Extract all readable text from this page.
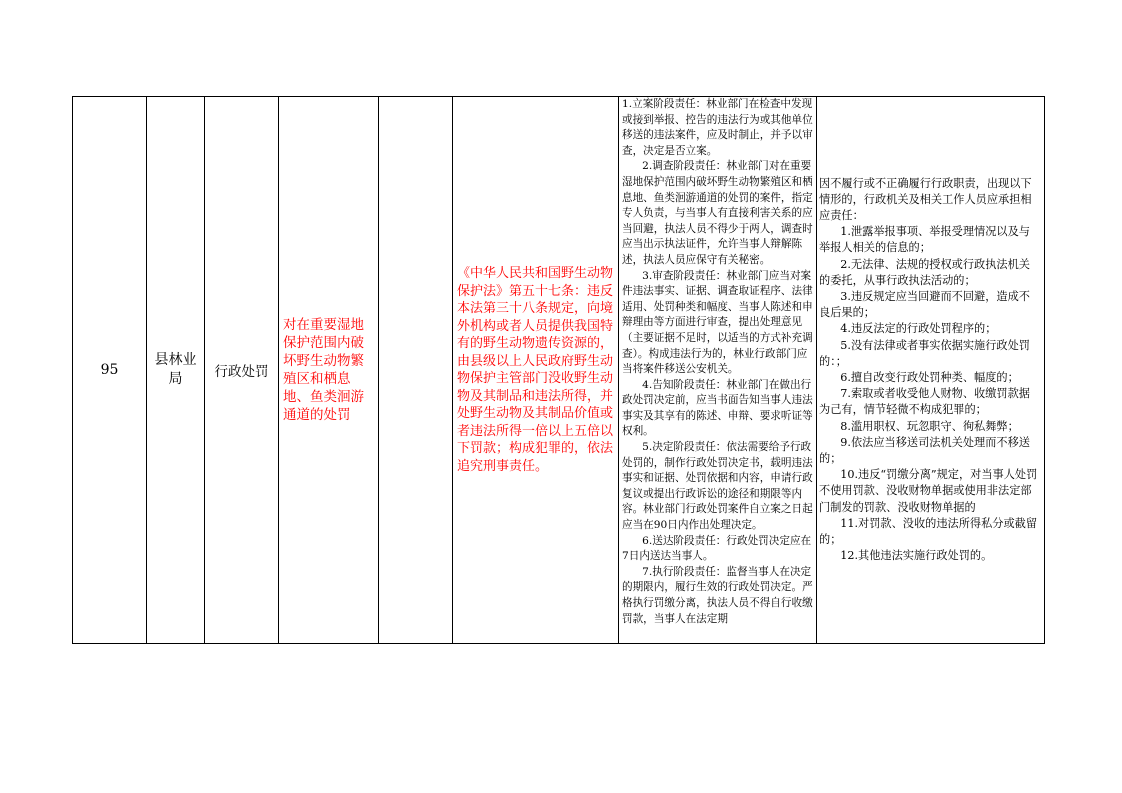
95
县林业局	行政处罚
对在重要湿地保护范围内破坏野生动物繁殖区和栖息地、鱼类洄游通道的处罚
《中华人民共和国野生动物保护法》第五十七条：违反本法第三十八条规定，向境外机构或者人员提供我国特有的野生动物遗传资源的，由县级以上人民政府野生动物保护主管部门没收野生动物及其制品和违法所得，并处野生动物及其制品价值或者违法所得一倍以上五倍以下罚款；构成犯罪的，依法追究刑事责任。

1.立案阶段责任：林业部门在检查中发现或接到举报、控告的违法行为或其他单位移送的违法案件，应及时制止，并予以审查，决定是否立案。

2.调查阶段责任：林业部门对在重要湿地保护范围内破坏野生动物繁殖区和栖息地、鱼类洄游通道的处罚的案件，指定专人负责，与当事人有直接利害关系的应当回避，执法人员不得少于两人，调查时应当出示执法证件，允许当事人辩解陈述，执法人员应保守有关秘密。

3.审查阶段责任：林业部门应当对案件违法事实、证据、调查取证程序、法律适用、处罚种类和幅度、当事人陈述和申辩理由等方面进行审查，提出处理意见（主要证据不足时，以适当的方式补充调查）。构成违法行为的，林业行政部门应当将案件移送公安机关。

4.告知阶段责任：林业部门在做出行政处罚决定前，应当书面告知当事人违法事实及其享有的陈述、申辩、要求听证等权利。

5.决定阶段责任：依法需要给予行政处罚的，制作行政处罚决定书，载明违法事实和证据、处罚依据和内容，申请行政复议或提出行政诉讼的途径和期限等内容。林业部门行政处罚案件自立案之日起应当在90日内作出处理决定。

6.送达阶段责任：行政处罚决定应在7日内送达当事人。

7.执行阶段责任：监督当事人在决定的期限内，履行生效的行政处罚决定。严格执行罚缴分离，执法人员不得自行收缴罚款，当事人在法定期

因不履行或不正确履行行政职责，出现以下情形的，行政机关及相关工作人员应承担相应责任：

1.泄露举报事项、举报受理情况以及与举报人相关的信息的；

2.无法律、法规的授权或行政执法机关的委托，从事行政执法活动的；

3.违反规定应当回避而不回避，造成不良后果的；

4.违反法定的行政处罚程序的；

5.没有法律或者事实依据实施行政处罚的：；

6.擅自改变行政处罚种类、幅度的；

7.索取或者收受他人财物、收缴罚款据为己有，情节轻微不构成犯罪的；

8.滥用职权、玩忽职守、徇私舞弊；

9.依法应当移送司法机关处理而不移送的；

10.违反“罚缴分离”规定，对当事人处罚不使用罚款、没收财物单据或使用非法定部门制发的罚款、没收财物单据的

11.对罚款、没收的违法所得私分或截留的；

12.其他违法实施行政处罚的。
